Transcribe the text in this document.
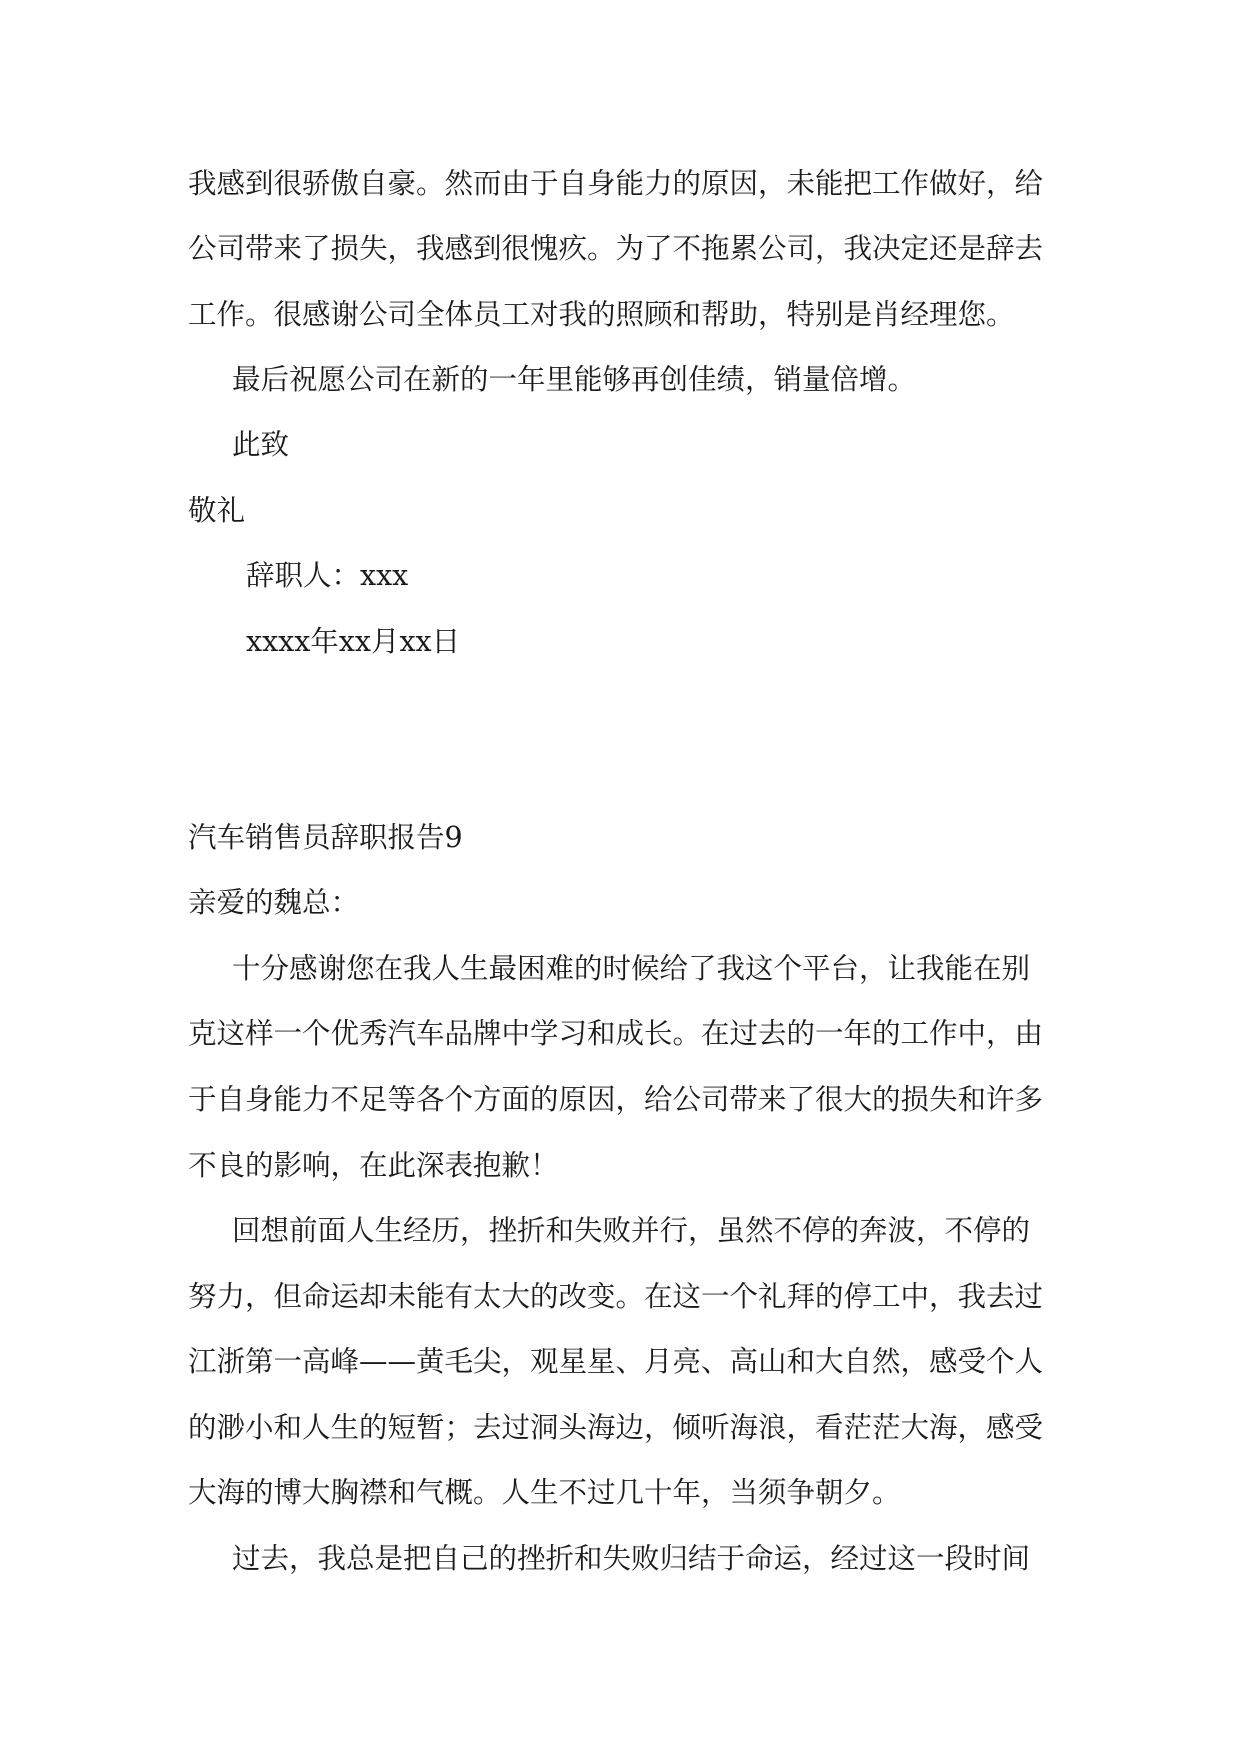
我感到很骄傲自豪。然而由于自身能力的原因，未能把工作做好，给

公司带来了损失，我感到很愧疚。为了不拖累公司，我决定还是辞去

工作。很感谢公司全体员工对我的照顾和帮助，特别是肖经理您。

最后祝愿公司在新的一年里能够再创佳绩，销量倍增。

此致

敬礼

辞职人：xxx

xxxx年xx月xx日

汽车销售员辞职报告9

亲爱的魏总：

十分感谢您在我人生最困难的时候给了我这个平台，让我能在别

克这样一个优秀汽车品牌中学习和成长。在过去的一年的工作中，由

于自身能力不足等各个方面的原因，给公司带来了很大的损失和许多

不良的影响，在此深表抱歉！

回想前面人生经历，挫折和失败并行，虽然不停的奔波，不停的

努力，但命运却未能有太大的改变。在这一个礼拜的停工中，我去过

江浙第一高峰——黄毛尖，观星星、月亮、高山和大自然，感受个人

的渺小和人生的短暂；去过洞头海边，倾听海浪，看茫茫大海，感受

大海的博大胸襟和气概。人生不过几十年，当须争朝夕。

过去，我总是把自己的挫折和失败归结于命运，经过这一段时间
